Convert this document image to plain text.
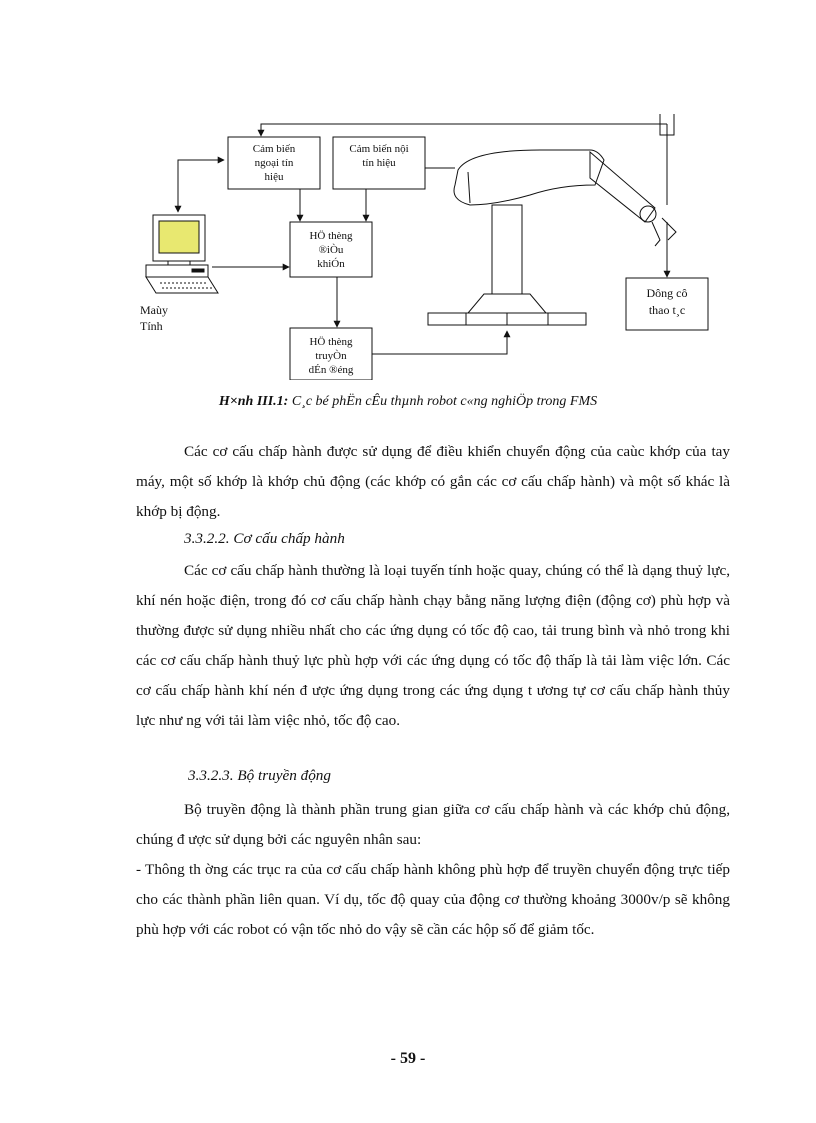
Cảm biến
ngoại tín
hiệu
Cảm biến nội
tín hiệu
HÖ thèng
®iÒu
khiÓn
HÖ thèng
truyÒn
dÉn ®éng
Dông cô
thao t¸c
Maùy
Tính
H×nh III.1: C¸c bé phËn cÊu thµnh robot c«ng nghiÖp trong FMS

Các cơ cấu chấp hành được sử dụng để điều khiển chuyển động của caùc khớp của tay máy, một số khớp là khớp chủ động (các khớp có gắn các cơ cấu chấp hành) và một số khác là khớp bị động.

3.3.2.2. Cơ cấu chấp hành

Các cơ cấu chấp hành thường là loại tuyến tính hoặc quay, chúng có thể là dạng thuỷ lực, khí nén hoặc điện, trong đó cơ cấu chấp hành chạy bằng năng lượng điện (động cơ) phù hợp và thường được sử dụng nhiều nhất cho các ứng dụng có tốc độ cao, tải trung bình và nhỏ trong khi các cơ cấu chấp hành thuỷ lực phù hợp với các ứng dụng có tốc độ thấp là tải làm việc lớn. Các cơ cấu chấp hành khí nén đ ược ứng dụng trong các ứng dụng t ương tự cơ cấu chấp hành thủy lực như ng với tải làm việc nhỏ, tốc độ cao.

3.3.2.3. Bộ truyền động

Bộ truyền động là thành phần trung gian giữa cơ cấu chấp hành và các khớp chủ động, chúng đ ược sử dụng bởi các nguyên nhân sau:

- Thông th ờng các trục ra của cơ cấu chấp hành không phù hợp để truyền chuyển động trực tiếp cho các thành phần liên quan. Ví dụ, tốc độ quay của động cơ thường khoảng 3000v/p sẽ không phù hợp với các robot có vận tốc nhỏ do vậy sẽ cần các hộp số để giảm tốc.

- 59 -
